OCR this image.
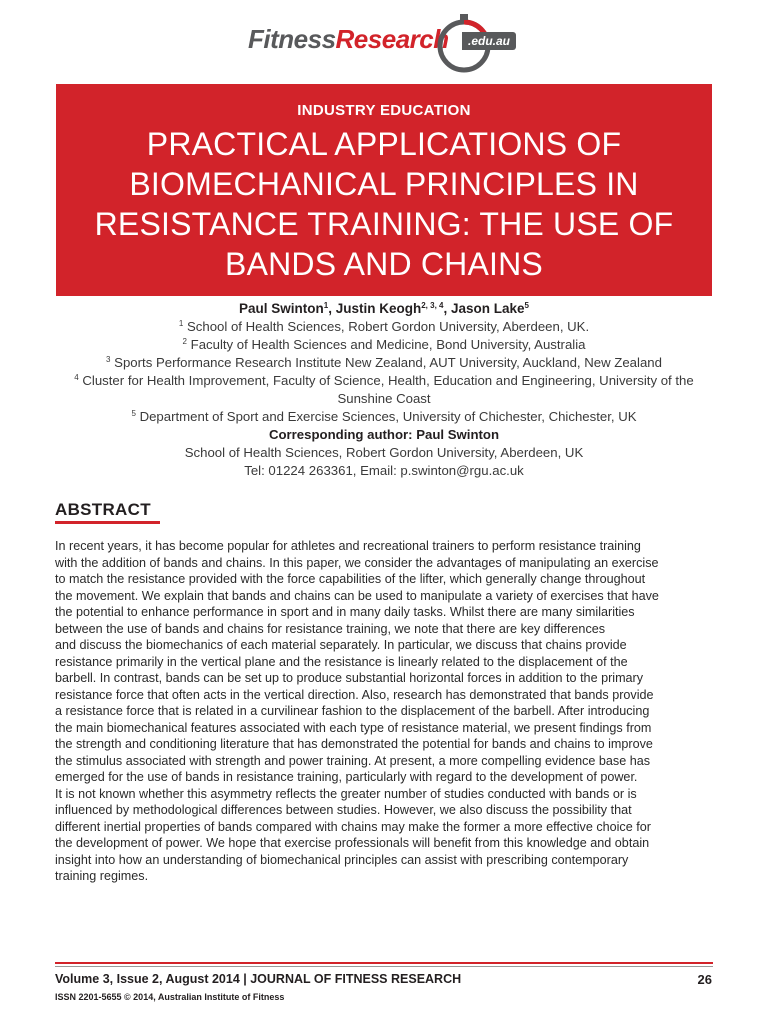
FitnessResearch	.edu.au
INDUSTRY EDUCATION
PRACTICAL APPLICATIONS OF BIOMECHANICAL PRINCIPLES IN RESISTANCE TRAINING: THE USE OF BANDS AND CHAINS
Paul Swinton$^1$, Justin Keogh$^{2, 3, 4}$, Jason Lake$^5$
$^1$ School of Health Sciences, Robert Gordon University, Aberdeen, UK.
$^2$ Faculty of Health Sciences and Medicine, Bond University, Australia
$^3$ Sports Performance Research Institute New Zealand, AUT University, Auckland, New Zealand
$^4$ Cluster for Health Improvement, Faculty of Science, Health, Education and Engineering, University of the Sunshine Coast
$^5$ Department of Sport and Exercise Sciences, University of Chichester, Chichester, UK
Corresponding author: Paul Swinton
School of Health Sciences, Robert Gordon University, Aberdeen, UK
Tel: 01224 263361, Email: p.swinton@rgu.ac.uk
ABSTRACT
In recent years, it has become popular for athletes and recreational trainers to perform resistance training
with the addition of bands and chains. In this paper, we consider the advantages of manipulating an exercise
to match the resistance provided with the force capabilities of the lifter, which generally change throughout
the movement. We explain that bands and chains can be used to manipulate a variety of exercises that have
the potential to enhance performance in sport and in many daily tasks. Whilst there are many similarities
between the use of bands and chains for resistance training, we note that there are key differences
and discuss the biomechanics of each material separately. In particular, we discuss that chains provide
resistance primarily in the vertical plane and the resistance is linearly related to the displacement of the
barbell. In contrast, bands can be set up to produce substantial horizontal forces in addition to the primary
resistance force that often acts in the vertical direction. Also, research has demonstrated that bands provide
a resistance force that is related in a curvilinear fashion to the displacement of the barbell. After introducing
the main biomechanical features associated with each type of resistance material, we present findings from
the strength and conditioning literature that has demonstrated the potential for bands and chains to improve
the stimulus associated with strength and power training. At present, a more compelling evidence base has
emerged for the use of bands in resistance training, particularly with regard to the development of power.
It is not known whether this asymmetry reflects the greater number of studies conducted with bands or is
influenced by methodological differences between studies. However, we also discuss the possibility that
different inertial properties of bands compared with chains may make the former a more effective choice for
the development of power. We hope that exercise professionals will benefit from this knowledge and obtain
insight into how an understanding of biomechanical principles can assist with prescribing contemporary
training regimes.
Volume 3, Issue 2, August 2014 | JOURNAL OF FITNESS RESEARCH	26
ISSN 2201-5655 © 2014, Australian Institute of Fitness
